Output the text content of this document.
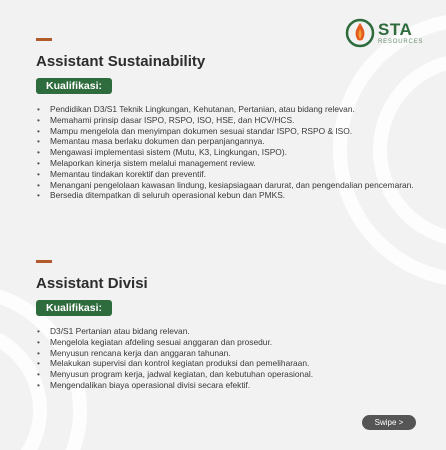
STA
RESOURCES
Assistant Sustainability
Kualifikasi:
• Pendidikan D3/S1 Teknik Lingkungan, Kehutanan, Pertanian, atau bidang relevan.
• Memahami prinsip dasar ISPO, RSPO, ISO, HSE, dan HCV/HCS.
• Mampu mengelola dan menyimpan dokumen sesuai standar ISPO, RSPO & ISO.
• Memantau masa berlaku dokumen dan perpanjangannya.
• Mengawasi implementasi sistem (Mutu, K3, Lingkungan, ISPO).
• Melaporkan kinerja sistem melalui management review.
• Memantau tindakan korektif dan preventif.
• Menangani pengelolaan kawasan lindung, kesiapsiagaan darurat, dan pengendalian pencemaran.
• Bersedia ditempatkan di seluruh operasional kebun dan PMKS.
Assistant Divisi
Kualifikasi:
• D3/S1 Pertanian atau bidang relevan.
• Mengelola kegiatan afdeling sesuai anggaran dan prosedur.
• Menyusun rencana kerja dan anggaran tahunan.
• Melakukan supervisi dan kontrol kegiatan produksi dan pemeliharaan.
• Menyusun program kerja, jadwal kegiatan, dan kebutuhan operasional.
• Mengendalikan biaya operasional divisi secara efektif.
Swipe >
